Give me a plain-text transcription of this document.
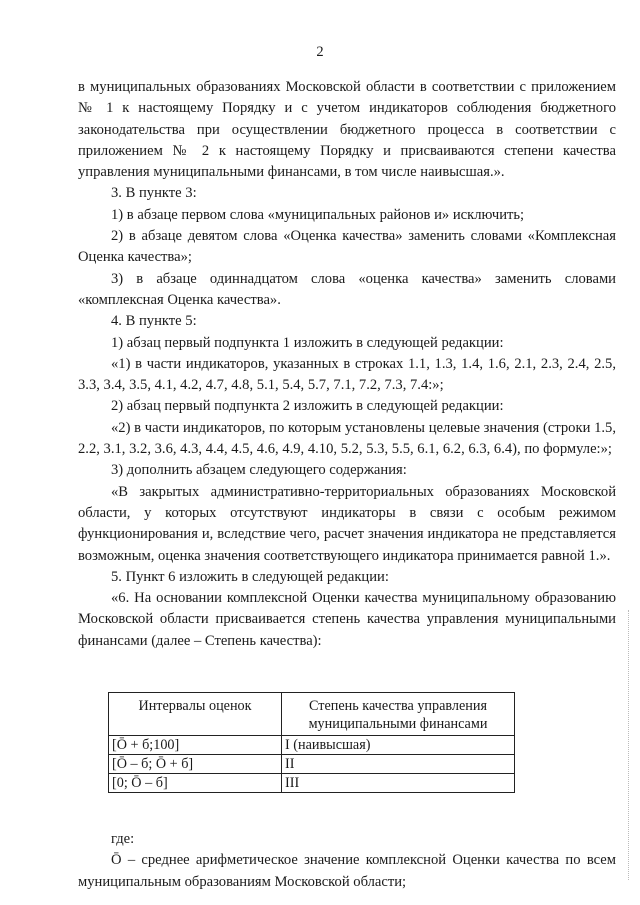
2

в муниципальных образованиях Московской области в соответствии с приложением № 1 к настоящему Порядку и с учетом индикаторов соблюдения бюджетного законодательства при осуществлении бюджетного процесса в соответствии с приложением № 2 к настоящему Порядку и присваиваются степени качества управления муниципальными финансами, в том числе наивысшая.».

3. В пункте 3:

1) в абзаце первом слова «муниципальных районов и» исключить;

2) в абзаце девятом слова «Оценка качества» заменить словами «Комплексная Оценка качества»;

3) в абзаце одиннадцатом слова «оценка качества» заменить словами «комплексная Оценка качества».

4. В пункте 5:

1) абзац первый подпункта 1 изложить в следующей редакции:

«1) в части индикаторов, указанных в строках 1.1, 1.3, 1.4, 1.6, 2.1, 2.3, 2.4, 2.5, 3.3, 3.4, 3.5, 4.1, 4.2, 4.7, 4.8, 5.1, 5.4, 5.7, 7.1, 7.2, 7.3, 7.4:»;

2) абзац первый подпункта 2 изложить в следующей редакции:

«2) в части индикаторов, по которым установлены целевые значения (строки 1.5, 2.2, 3.1, 3.2, 3.6, 4.3, 4.4, 4.5, 4.6, 4.9, 4.10, 5.2, 5.3, 5.5, 6.1, 6.2, 6.3, 6.4), по формуле:»;

3) дополнить абзацем следующего содержания:

«В закрытых административно-территориальных образованиях Московской области, у которых отсутствуют индикаторы в связи с особым режимом функционирования и, вследствие чего, расчет значения индикатора не представляется возможным, оценка значения соответствующего индикатора принимается равной 1.».

5. Пункт 6 изложить в следующей редакции:

«6. На основании комплексной Оценки качества муниципальному образованию Московской области присваивается степень качества управления муниципальными финансами (далее – Степень качества):

Интервалы оценок	Степень качества управления муниципальными финансами
[Ō + б;100]	I (наивысшая)
[Ō – б; Ō + б]	II
[0; Ō – б]	III

где:

Ō – среднее арифметическое значение комплексной Оценки качества по всем муниципальным образованиям Московской области;
